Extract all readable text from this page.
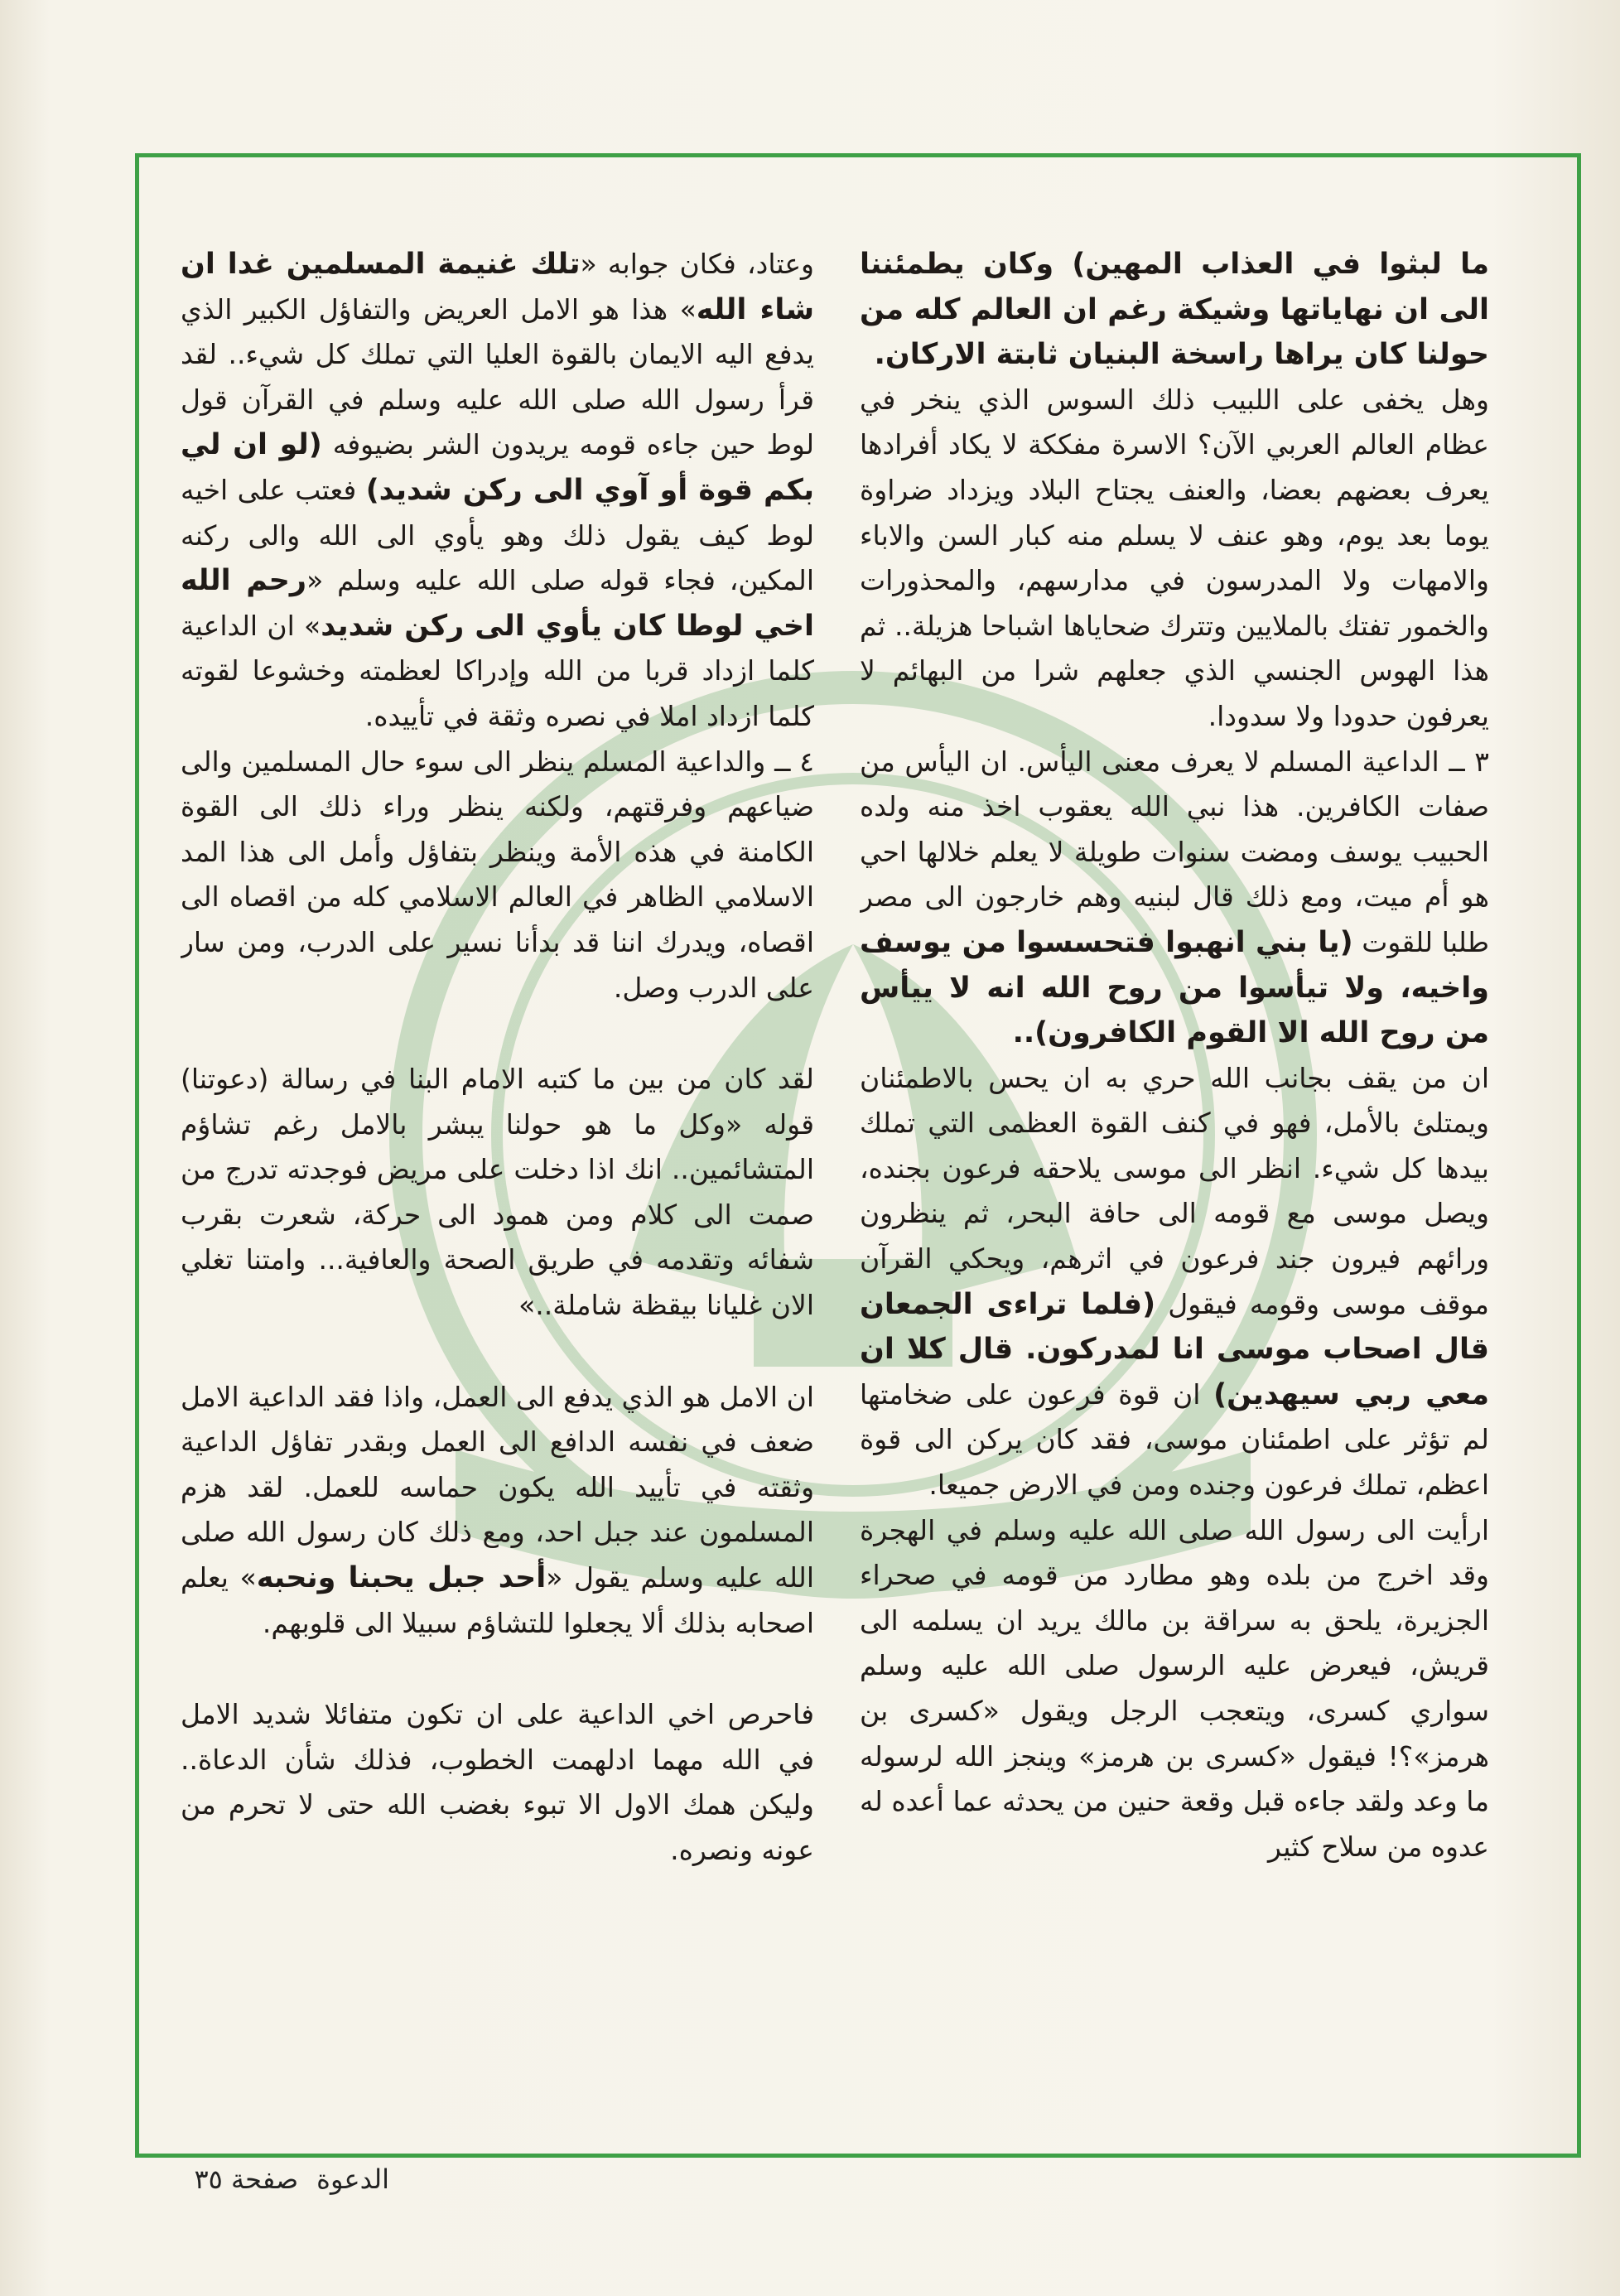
ما لبثوا في العذاب المهين) وكان يطمئننا الى ان نهاياتها وشيكة رغم ان العالم كله من حولنا كان يراها راسخة البنيان ثابتة الاركان.

وهل يخفى على اللبيب ذلك السوس الذي ينخر في عظام العالم العربي الآن؟ الاسرة مفككة لا يكاد أفرادها يعرف بعضهم بعضا، والعنف يجتاح البلاد ويزداد ضراوة يوما بعد يوم، وهو عنف لا يسلم منه كبار السن والاباء والامهات ولا المدرسون في مدارسهم، والمحذورات والخمور تفتك بالملايين وتترك ضحاياها اشباحا هزيلة.. ثم هذا الهوس الجنسي الذي جعلهم شرا من البهائم لا يعرفون حدودا ولا سدودا.

٣ ــ الداعية المسلم لا يعرف معنى اليأس. ان اليأس من صفات الكافرين. هذا نبي الله يعقوب اخذ منه ولده الحبيب يوسف ومضت سنوات طويلة لا يعلم خلالها احي هو أم ميت، ومع ذلك قال لبنيه وهم خارجون الى مصر طلبا للقوت (يا بني انهبوا فتحسسوا من يوسف واخيه، ولا تيأسوا من روح الله انه لا ييأس من روح الله الا القوم الكافرون)..

ان من يقف بجانب الله حري به ان يحس بالاطمئنان ويمتلئ بالأمل، فهو في كنف القوة العظمى التي تملك بيدها كل شيء. انظر الى موسى يلاحقه فرعون بجنده، ويصل موسى مع قومه الى حافة البحر، ثم ينظرون ورائهم فيرون جند فرعون في اثرهم، ويحكي القرآن موقف موسى وقومه فيقول (فلما تراءى الجمعان قال اصحاب موسى انا لمدركون. قال كلا ان معي ربي سيهدين) ان قوة فرعون على ضخامتها لم تؤثر على اطمئنان موسى، فقد كان يركن الى قوة اعظم، تملك فرعون وجنده ومن في الارض جميعا.

ارأيت الى رسول الله صلى الله عليه وسلم في الهجرة وقد اخرج من بلده وهو مطارد من قومه في صحراء الجزيرة، يلحق به سراقة بن مالك يريد ان يسلمه الى قريش، فيعرض عليه الرسول صلى الله عليه وسلم سواري كسرى، ويتعجب الرجل ويقول «كسرى بن هرمز»؟! فيقول «كسرى بن هرمز» وينجز الله لرسوله ما وعد ولقد جاءه قبل وقعة حنين من يحدثه عما أعده له عدوه من سلاح كثير

وعتاد، فكان جوابه «تلك غنيمة المسلمين غدا ان شاء الله» هذا هو الامل العريض والتفاؤل الكبير الذي يدفع اليه الايمان بالقوة العليا التي تملك كل شيء.. لقد قرأ رسول الله صلى الله عليه وسلم في القرآن قول لوط حين جاءه قومه يريدون الشر بضيوفه (لو ان لي بكم قوة أو آوي الى ركن شديد) فعتب على اخيه لوط كيف يقول ذلك وهو يأوي الى الله والى ركنه المكين، فجاء قوله صلى الله عليه وسلم «رحم الله اخي لوطا كان يأوي الى ركن شديد» ان الداعية كلما ازداد قربا من الله وإدراكا لعظمته وخشوعا لقوته كلما ازداد املا في نصره وثقة في تأييده.

٤ ــ والداعية المسلم ينظر الى سوء حال المسلمين والى ضياعهم وفرقتهم، ولكنه ينظر وراء ذلك الى القوة الكامنة في هذه الأمة وينظر بتفاؤل وأمل الى هذا المد الاسلامي الظاهر في العالم الاسلامي كله من اقصاه الى اقصاه، ويدرك اننا قد بدأنا نسير على الدرب، ومن سار على الدرب وصل.

لقد كان من بين ما كتبه الامام البنا في رسالة (دعوتنا) قوله «وكل ما هو حولنا يبشر بالامل رغم تشاؤم المتشائمين.. انك اذا دخلت على مريض فوجدته تدرج من صمت الى كلام ومن همود الى حركة، شعرت بقرب شفائه وتقدمه في طريق الصحة والعافية... وامتنا تغلي الان غليانا بيقظة شاملة..»

ان الامل هو الذي يدفع الى العمل، واذا فقد الداعية الامل ضعف في نفسه الدافع الى العمل وبقدر تفاؤل الداعية وثقته في تأييد الله يكون حماسه للعمل. لقد هزم المسلمون عند جبل احد، ومع ذلك كان رسول الله صلى الله عليه وسلم يقول «أحد جبل يحبنا ونحبه» يعلم اصحابه بذلك ألا يجعلوا للتشاؤم سبيلا الى قلوبهم.

فاحرص اخي الداعية على ان تكون متفائلا شديد الامل في الله مهما ادلهمت الخطوب، فذلك شأن الدعاة.. وليكن همك الاول الا تبوء بغضب الله حتى لا تحرم من عونه ونصره.

الدعوةصفحة ٣٥
